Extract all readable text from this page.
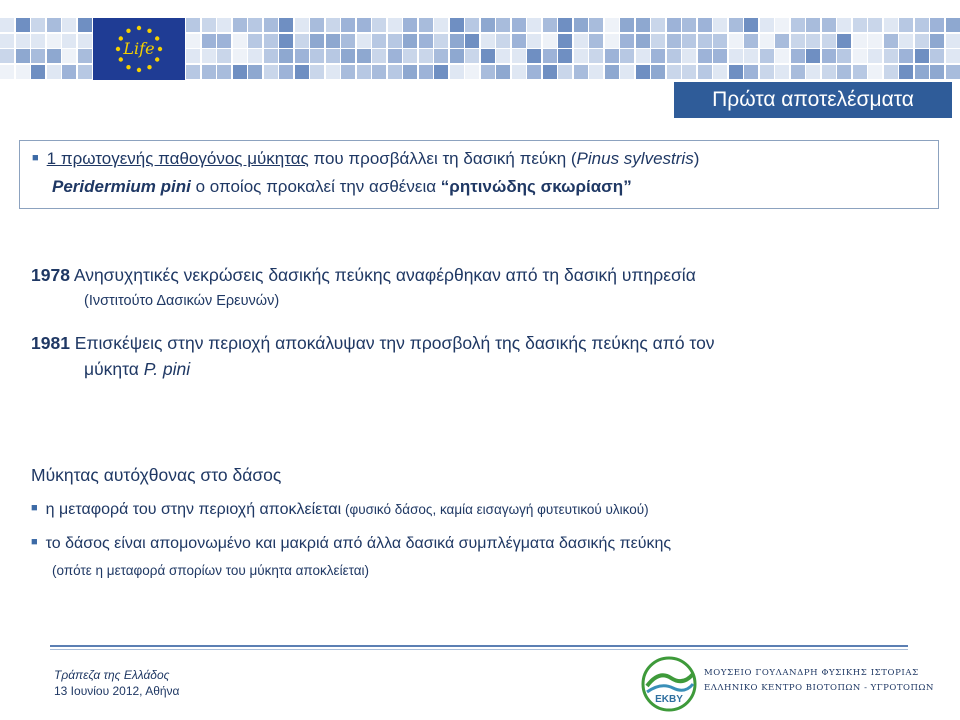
Life
Πρώτα αποτελέσματα

■ 1 πρωτογενής παθογόνος μύκητας που προσβάλλει τη δασική πεύκη (Pinus sylvestris)

Peridermium pini ο οποίος προκαλεί την ασθένεια “ρητινώδης σκωρίαση”

1978 Ανησυχητικές νεκρώσεις δασικής πεύκης αναφέρθηκαν από τη δασική υπηρεσία
(Ινστιτούτο Δασικών Ερευνών)
1981 Επισκέψεις στην περιοχή αποκάλυψαν την προσβολή της δασικής πεύκης από τον
μύκητα P. pini
Μύκητας αυτόχθονας στο δάσος
■ η μεταφορά του στην περιοχή αποκλείεται (φυσικό δάσος, καμία εισαγωγή φυτευτικού υλικού)
■ το δάσος είναι απομονωμένο και μακριά από άλλα δασικά συμπλέγματα δασικής πεύκης
(οπότε η μεταφορά σπορίων του μύκητα αποκλείεται)
Τράπεζα της Ελλάδος
13 Ιουνίου 2012, Αθήνα
EKBY
ΜΟΥΣΕΙΟ ΓΟΥΛΑΝΔΡΗ ΦΥΣΙΚΗΣ ΙΣΤΟΡΙΑΣ
ΕΛΛΗΝΙΚΟ ΚΕΝΤΡΟ ΒΙΟΤΟΠΩΝ - ΥΓΡΟΤΟΠΩΝ
